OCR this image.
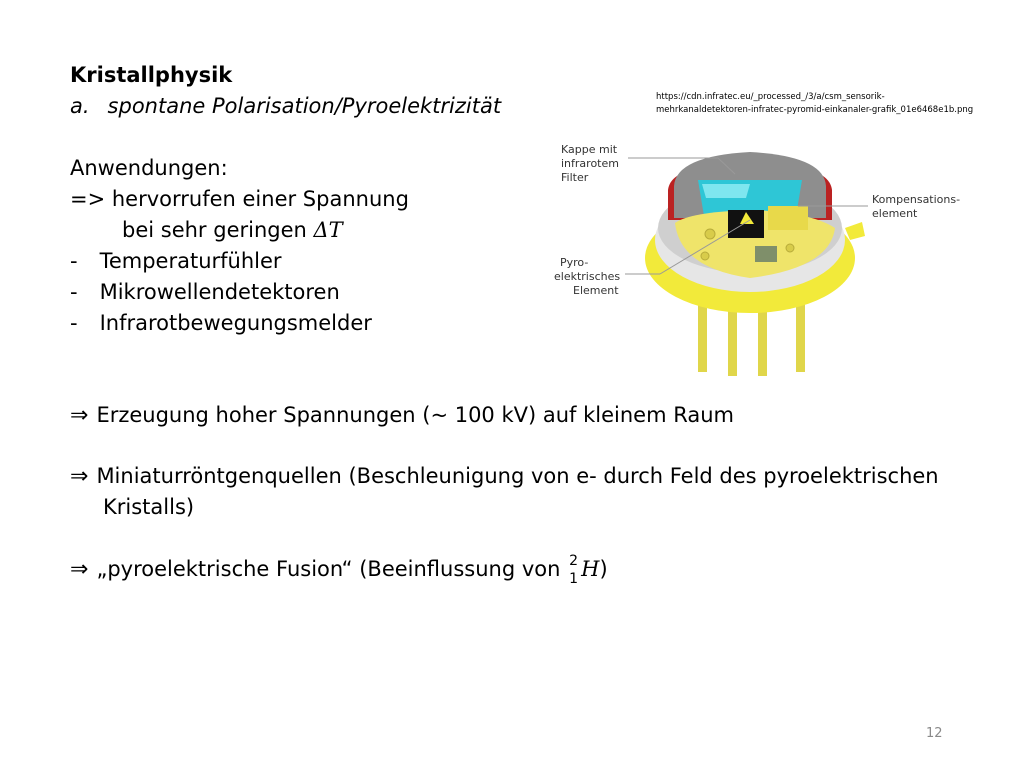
Kristallphysik
a. spontane Polarisation/Pyroelektrizität
Anwendungen:
=> hervorrufen einer Spannung
bei sehr geringen ΔT
- Temperaturfühler
- Mikrowellendetektoren
- Infrarotbewegungsmelder
⇒ Erzeugung hoher Spannungen (~ 100 kV) auf kleinem Raum
⇒ Miniaturröntgenquellen (Beschleunigung von e- durch Feld des pyroelektrischen
Kristalls)
⇒ „pyroelektrische Fusion“ (Beeinflussung von 2
1 H)
https://cdn.infratec.eu/_processed_/3/a/csm_sensorik-
mehrkanaldetektoren-infratec-pyromid-einkanaler-grafik_01e6468e1b.png
Kappe mit
infrarotem
Filter
Kompensations-
element
Pyro-
elektrisches
Element
12
